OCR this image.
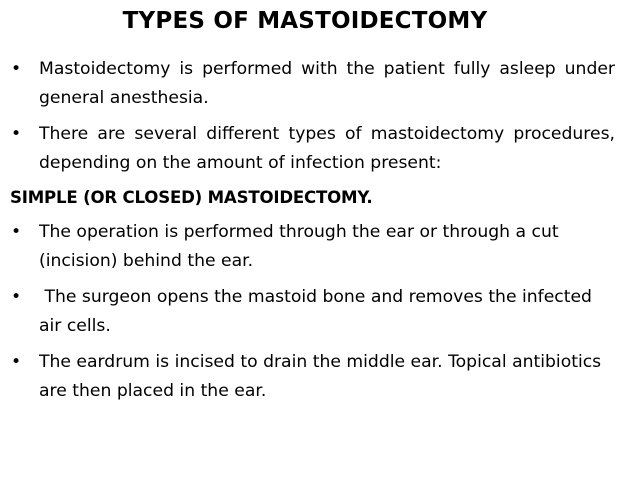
TYPES OF MASTOIDECTOMY
•	Mastoidectomy is performed with the patient fully asleep under general anesthesia.
•	There are several different types of mastoidectomy procedures, depending on the amount of infection present:
SIMPLE (OR CLOSED) MASTOIDECTOMY.
•	The operation is performed through the ear or through a cut (incision) behind the ear.
•	The surgeon opens the mastoid bone and removes the infected air cells.
•	The eardrum is incised to drain the middle ear. Topical antibiotics are then placed in the ear.
